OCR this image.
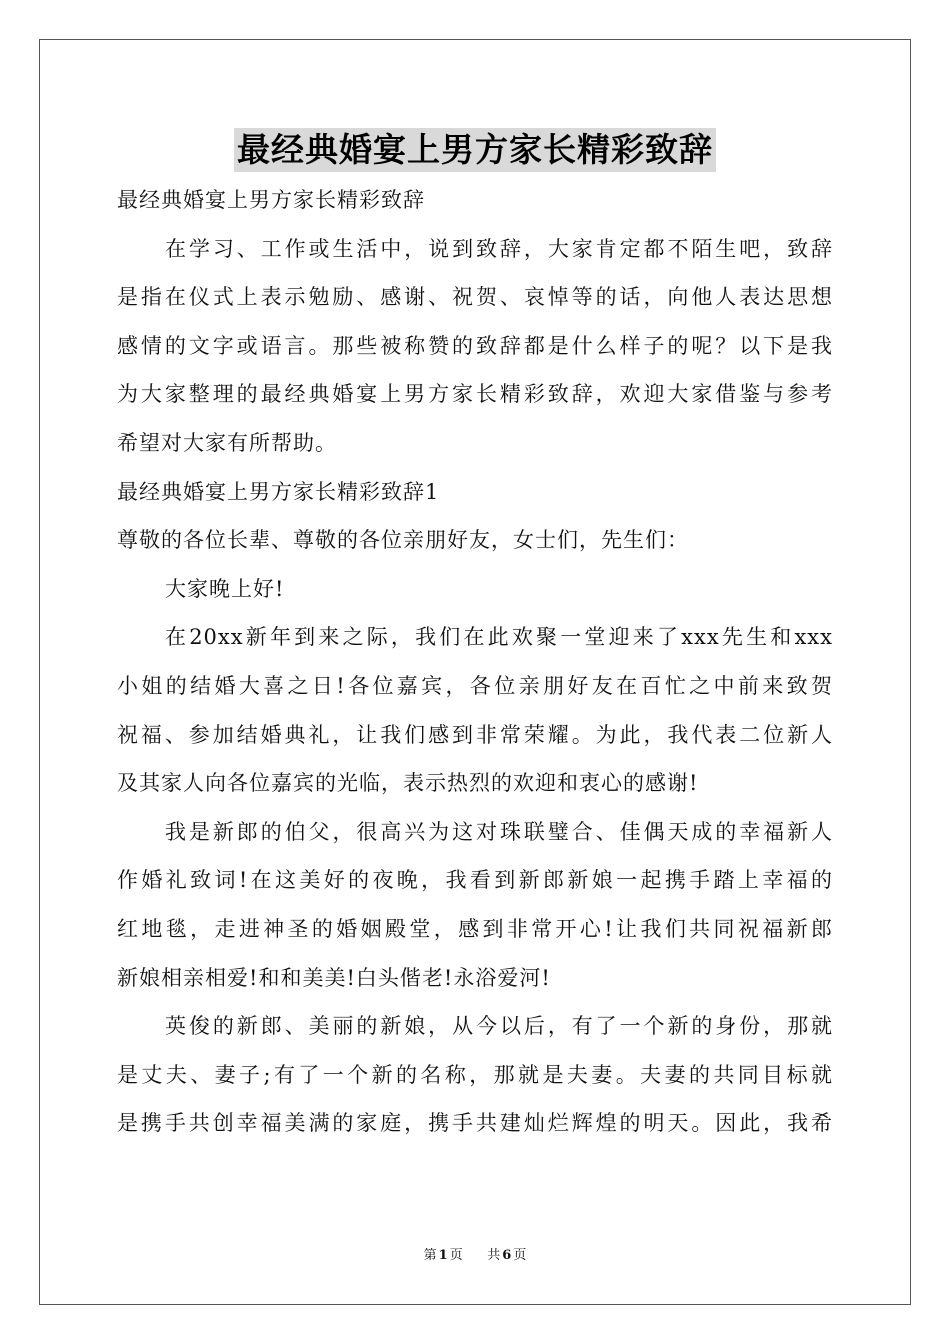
最经典婚宴上男方家长精彩致辞
最经典婚宴上男方家长精彩致辞
在学习、工作或生活中，说到致辞，大家肯定都不陌生吧，致辞
是指在仪式上表示勉励、感谢、祝贺、哀悼等的话，向他人表达思想
感情的文字或语言。那些被称赞的致辞都是什么样子的呢？以下是我
为大家整理的最经典婚宴上男方家长精彩致辞，欢迎大家借鉴与参考
希望对大家有所帮助。
最经典婚宴上男方家长精彩致辞1
尊敬的各位长辈、尊敬的各位亲朋好友，女士们，先生们：
大家晚上好!
在20xx新年到来之际，我们在此欢聚一堂迎来了xxx先生和xxx
小姐的结婚大喜之日!各位嘉宾，各位亲朋好友在百忙之中前来致贺
祝福、参加结婚典礼，让我们感到非常荣耀。为此，我代表二位新人
及其家人向各位嘉宾的光临，表示热烈的欢迎和衷心的感谢!
我是新郎的伯父，很高兴为这对珠联璧合、佳偶天成的幸福新人
作婚礼致词!在这美好的夜晚，我看到新郎新娘一起携手踏上幸福的
红地毯，走进神圣的婚姻殿堂，感到非常开心!让我们共同祝福新郎
新娘相亲相爱!和和美美!白头偕老!永浴爱河!
英俊的新郎、美丽的新娘，从今以后，有了一个新的身份，那就
是丈夫、妻子;有了一个新的名称，那就是夫妻。夫妻的共同目标就
是携手共创幸福美满的家庭，携手共建灿烂辉煌的明天。因此，我希
第 1 页 共 6 页
